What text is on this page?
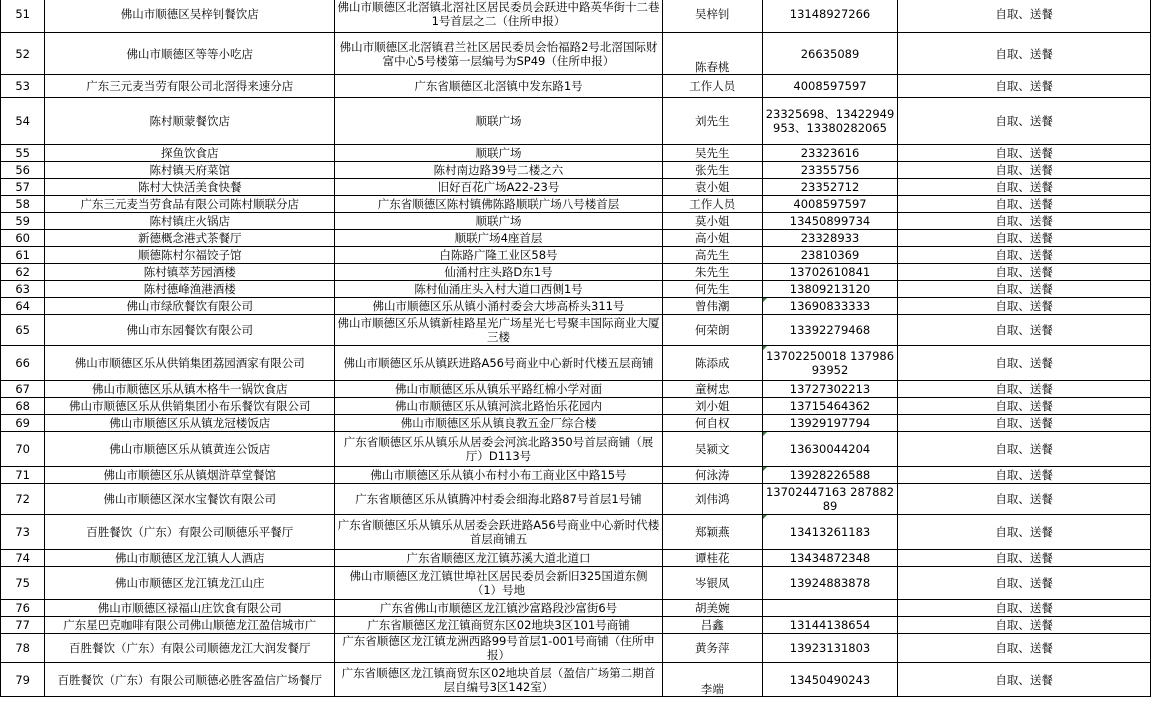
51	佛山市顺德区吴梓钊餐饮店	佛山市顺德区北滘镇北滘社区居民委员会跃进中路英华街十二巷1号首层之二（住所申报）	吴梓钊	13148927266	自取、送餐	
52	佛山市顺德区等等小吃店	佛山市顺德区北滘镇君兰社区居民委员会怡福路2号北滘国际财富中心5号楼第一层编号为SP49（住所申报）	陈春桃	26635089	自取、送餐	
53	广东三元麦当劳有限公司北滘得来速分店	广东省顺德区北滘镇中发东路1号	工作人员	4008597597	自取、送餐	
54	陈村顺蒙餐饮店	顺联广场	刘先生	23325698、13422949953、13380282065	自取、送餐	
55	探鱼饮食店	顺联广场	吴先生	23323616	自取、送餐	
56	陈村镇天府菜馆	陈村南边路39号二楼之六	张先生	23355756	自取、送餐	
57	陈村大快活美食快餐	旧好百花广场A22-23号	袁小姐	23352712	自取、送餐	
58	广东三元麦当劳食品有限公司陈村顺联分店	广东省顺德区陈村镇佛陈路顺联广场八号楼首层	工作人员	4008597597	自取、送餐	
59	陈村镇庄火锅店	顺联广场	莫小姐	13450899734	自取、送餐	
60	新德概念港式茶餐厅	顺联广场4座首层	高小姐	23328933	自取、送餐	
61	顺德陈村尔福饺子馆	白陈路广隆工业区58号	高先生	23810369	自取、送餐	
62	陈村镇萃芳园酒楼	仙涌村庄头路D东1号	朱先生	13702610841	自取、送餐	
63	陈村德峰渔港酒楼	陈村仙涌庄头入村大道口西侧1号	何先生	13809213120	自取、送餐	
64	佛山市绿欣餐饮有限公司	佛山市顺德区乐从镇小涌村委会大埗高桥头311号	曾伟潮	13690833333	自取、送餐	
65	佛山市东园餐饮有限公司	佛山市顺德区乐从镇新桂路星光广场星光七号聚丰国际商业大厦三楼	何荣朗	13392279468	自取、送餐	
66	佛山市顺德区乐从供销集团荔园酒家有限公司	佛山市顺德区乐从镇跃进路A56号商业中心新时代楼五层商铺	陈添成	13702250018 13798693952	自取、送餐	
67	佛山市顺德区乐从镇木格牛一锅饮食店	佛山市顺德区乐从镇乐平路红棉小学对面	童树忠	13727302213	自取、送餐	
68	佛山市顺德区乐从供销集团小布乐餐饮有限公司	佛山市顺德区乐从镇河滨北路怡乐花园内	刘小姐	13715464362	自取、送餐	
69	佛山市顺德区乐从镇龙冠楼饭店	佛山市顺德区乐从镇良教五金厂综合楼	何自权	13929197794	自取、送餐	
70	佛山市顺德区乐从镇黄连公饭店	广东省顺德区乐从镇乐从居委会河滨北路350号首层商铺（展厅）D113号	吴颍文	13630044204	自取、送餐	
71	佛山市顺德区乐从镇烟浒草堂餐馆	佛山市顺德区乐从镇小布村小布工商业区中路15号	何泳涛	13928226588	自取、送餐	
72	佛山市顺德区深水宝餐饮有限公司	广东省顺德区乐从镇腾冲村委会细海北路87号首层1号铺	刘伟鸿	13702447163 28788289	自取、送餐	
73	百胜餐饮（广东）有限公司顺德乐平餐厅	广东省顺德区乐从镇乐从居委会跃进路A56号商业中心新时代楼首层商铺五	郑颖燕	13413261183	自取、送餐	
74	佛山市顺德区龙江镇人人酒店	广东省顺德区龙江镇苏溪大道北道口	谭桂花	13434872348	自取、送餐	
75	佛山市顺德区龙江镇龙江山庄	佛山市顺德区龙江镇世埠社区居民委员会新旧325国道东侧（1）号地	岑银凤	13924883878	自取、送餐	
76	佛山市顺德区禄福山庄饮食有限公司	广东省佛山市顺德区龙江镇沙富路段沙富街6号	胡美婉		自取、送餐	
77	广东星巴克咖啡有限公司佛山顺德龙江盈信城市广	广东省顺德区龙江镇商贸东区02地块3区101号商铺	吕鑫	13144138654	自取、送餐	
78	百胜餐饮（广东）有限公司顺德龙江大润发餐厅	广东省顺德区龙江镇龙洲西路99号首层1-001号商铺（住所申报）	黄务萍	13923131803	自取、送餐	
79	百胜餐饮（广东）有限公司顺德必胜客盈信广场餐厅	广东省顺德区龙江镇商贸东区02地块首层（盈信广场第二期首层自编号3区142室）	李端	13450490243	自取、送餐	
